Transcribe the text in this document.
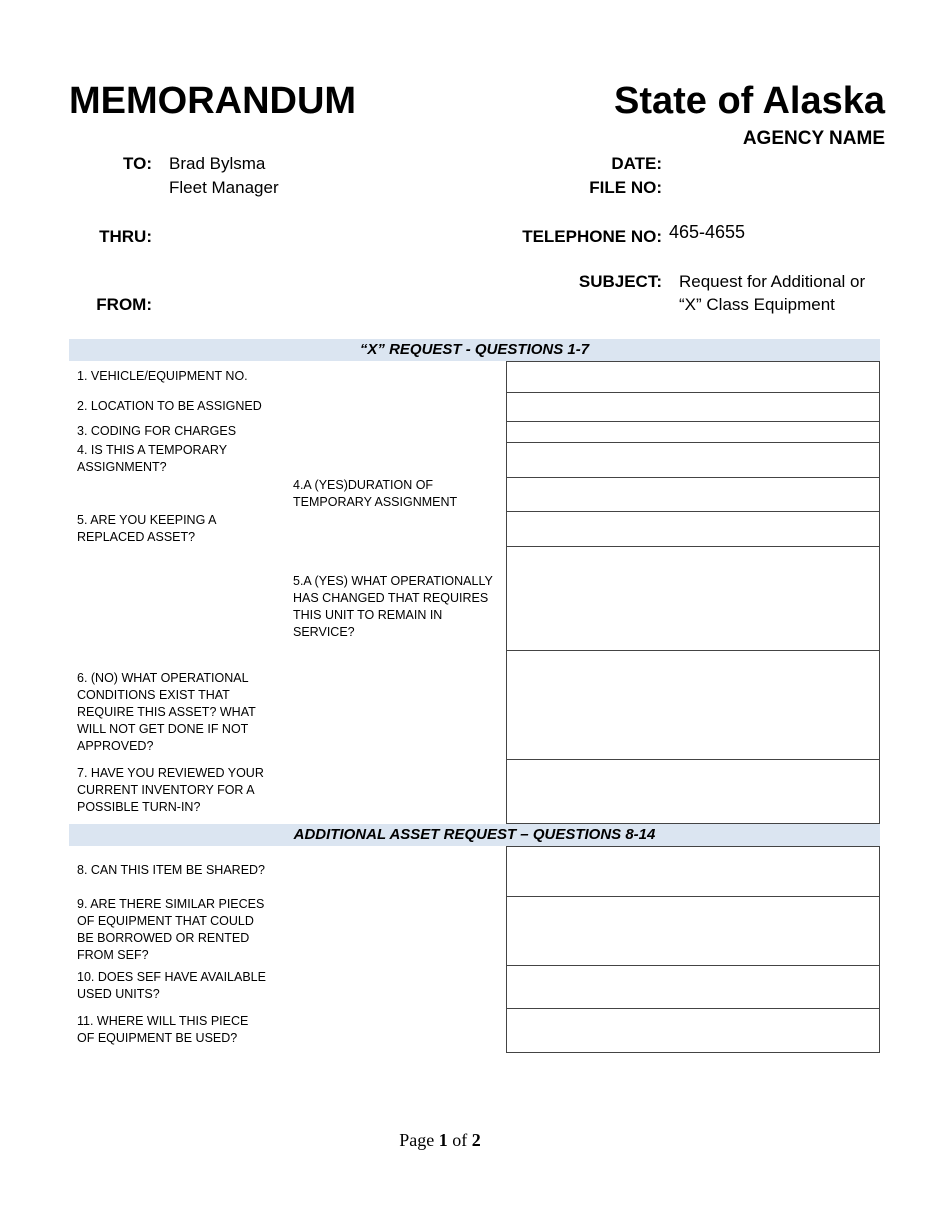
MEMORANDUM	State of Alaska
AGENCY NAME
TO: Brad Bylsma
Fleet Manager
THRU:
FROM:
DATE:
FILE NO:
TELEPHONE NO: 465-4655
SUBJECT: Request for Additional or
“X” Class Equipment
“X” REQUEST - QUESTIONS 1-7
1. VEHICLE/EQUIPMENT NO.
2. LOCATION TO BE ASSIGNED
3. CODING FOR CHARGES
4. IS THIS A TEMPORARY ASSIGNMENT?
4.A (YES)DURATION OF TEMPORARY ASSIGNMENT
5. ARE YOU KEEPING A REPLACED ASSET?
5.A (YES) WHAT OPERATIONALLY HAS CHANGED THAT REQUIRES THIS UNIT TO REMAIN IN SERVICE?
6. (NO) WHAT OPERATIONAL CONDITIONS EXIST THAT REQUIRE THIS ASSET? WHAT WILL NOT GET DONE IF NOT APPROVED?
7. HAVE YOU REVIEWED YOUR CURRENT INVENTORY FOR A POSSIBLE TURN-IN?
ADDITIONAL ASSET REQUEST – QUESTIONS 8-14
8. CAN THIS ITEM BE SHARED?
9. ARE THERE SIMILAR PIECES OF EQUIPMENT THAT COULD BE BORROWED OR RENTED FROM SEF?
10. DOES SEF HAVE AVAILABLE USED UNITS?
11. WHERE WILL THIS PIECE OF EQUIPMENT BE USED?
Page 1 of 2
